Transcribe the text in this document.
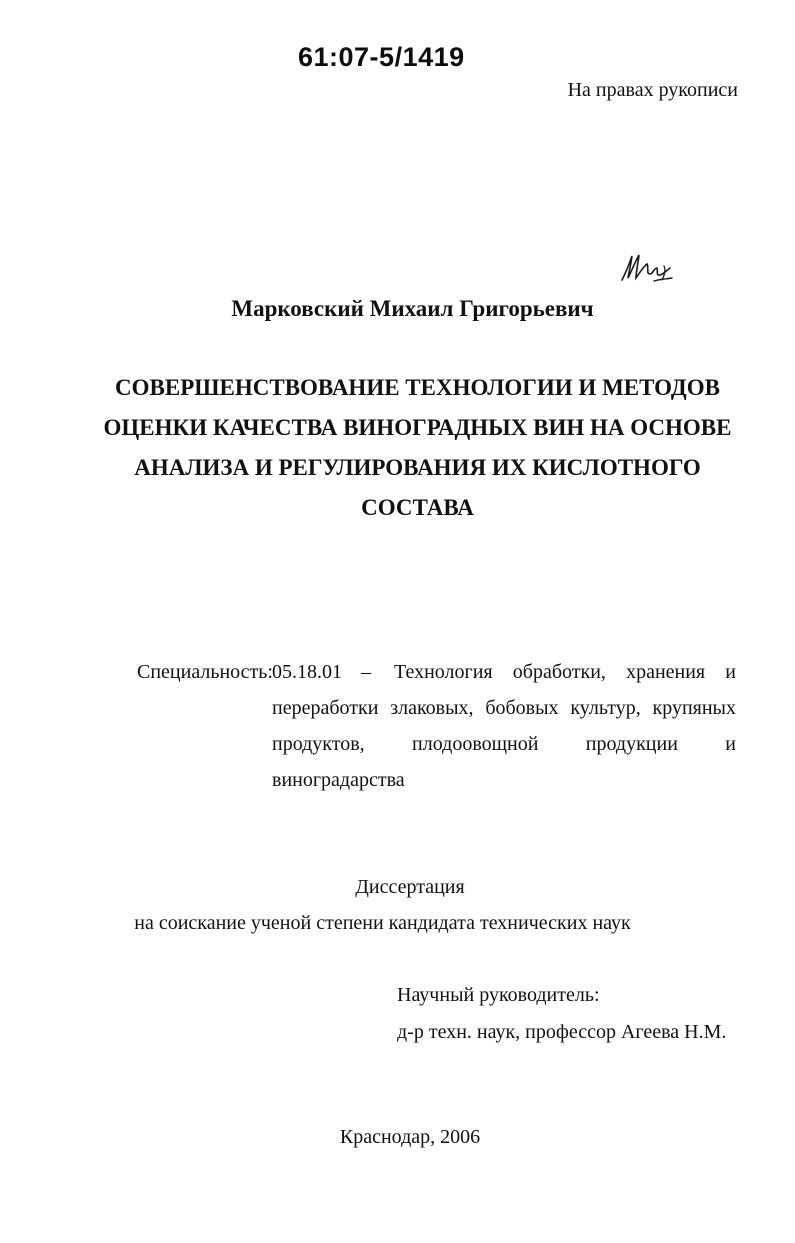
61:07-5/1419
На правах рукописи
Марковский Михаил Григорьевич
СОВЕРШЕНСТВОВАНИЕ ТЕХНОЛОГИИ И МЕТОДОВ
ОЦЕНКИ КАЧЕСТВА ВИНОГРАДНЫХ ВИН НА ОСНОВЕ
АНАЛИЗА И РЕГУЛИРОВАНИЯ ИХ КИСЛОТНОГО
СОСТАВА
Специальность: 05.18.01 – Технология обработки, хранения и
переработки злаковых, бобовых культур, крупяных
продуктов, плодоовощной продукции и
виноградарства
Диссертация
на соискание ученой степени кандидата технических наук
Научный руководитель:
д-р техн. наук, профессор Агеева Н.М.
Краснодар, 2006
